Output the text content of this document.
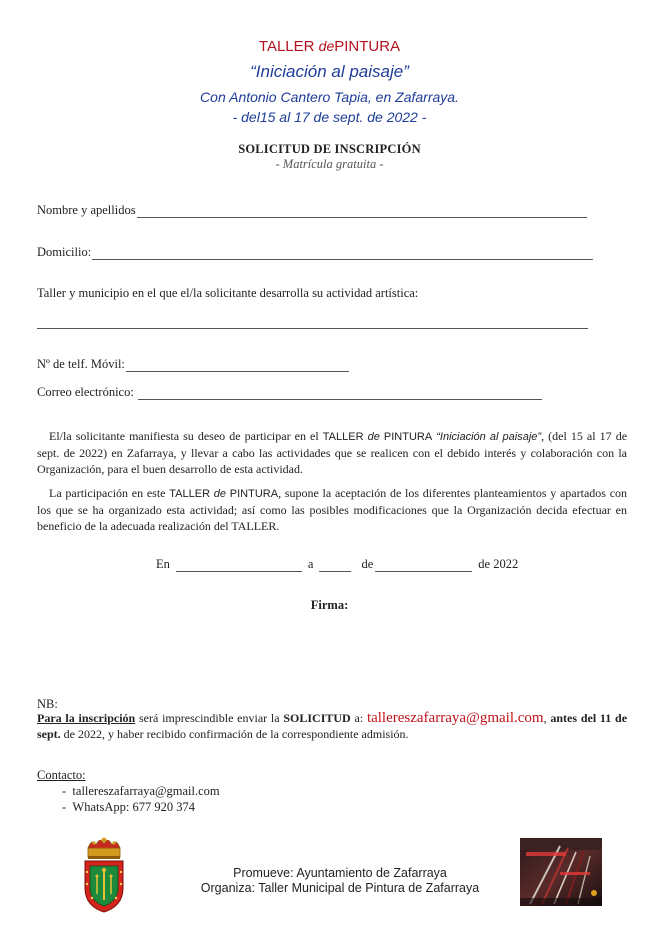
TALLER dePINTURA
“Iniciación al paisaje”
Con Antonio Cantero Tapia, en Zafarraya.
- del15 al 17 de sept. de 2022 -
SOLICITUD DE INSCRIPCIÓN
- Matrícula gratuita -
Nombre y apellidos
Domicilio:
Taller y municipio en el que el/la solicitante desarrolla su actividad artística:
Nº de telf. Móvil:
Correo electrónico:
El/la solicitante manifiesta su deseo de participar en el TALLER de PINTURA “Iniciación al paisaje”, (del 15 al 17 de sept. de 2022) en Zafarraya, y llevar a cabo las actividades que se realicen con el debido interés y colaboración con la Organización, para el buen desarrollo de esta actividad.
La participación en este TALLER de PINTURA, supone la aceptación de los diferentes planteamientos y apartados con los que se ha organizado esta actividad; así como las posibles modificaciones que la Organización decida efectuar en beneficio de la adecuada realización del TALLER.
En	a	de	de 2022
Firma:
NB:
Para la inscripción será imprescindible enviar la SOLICITUD a: tallereszafarraya@gmail.com, antes del 11 de sept. de 2022, y haber recibido confirmación de la correspondiente admisión.
Contacto:
-  tallereszafarraya@gmail.com
-  WhatsApp: 677 920 374
Promueve: Ayuntamiento de Zafarraya
Organiza: Taller Municipal de Pintura de Zafarraya
